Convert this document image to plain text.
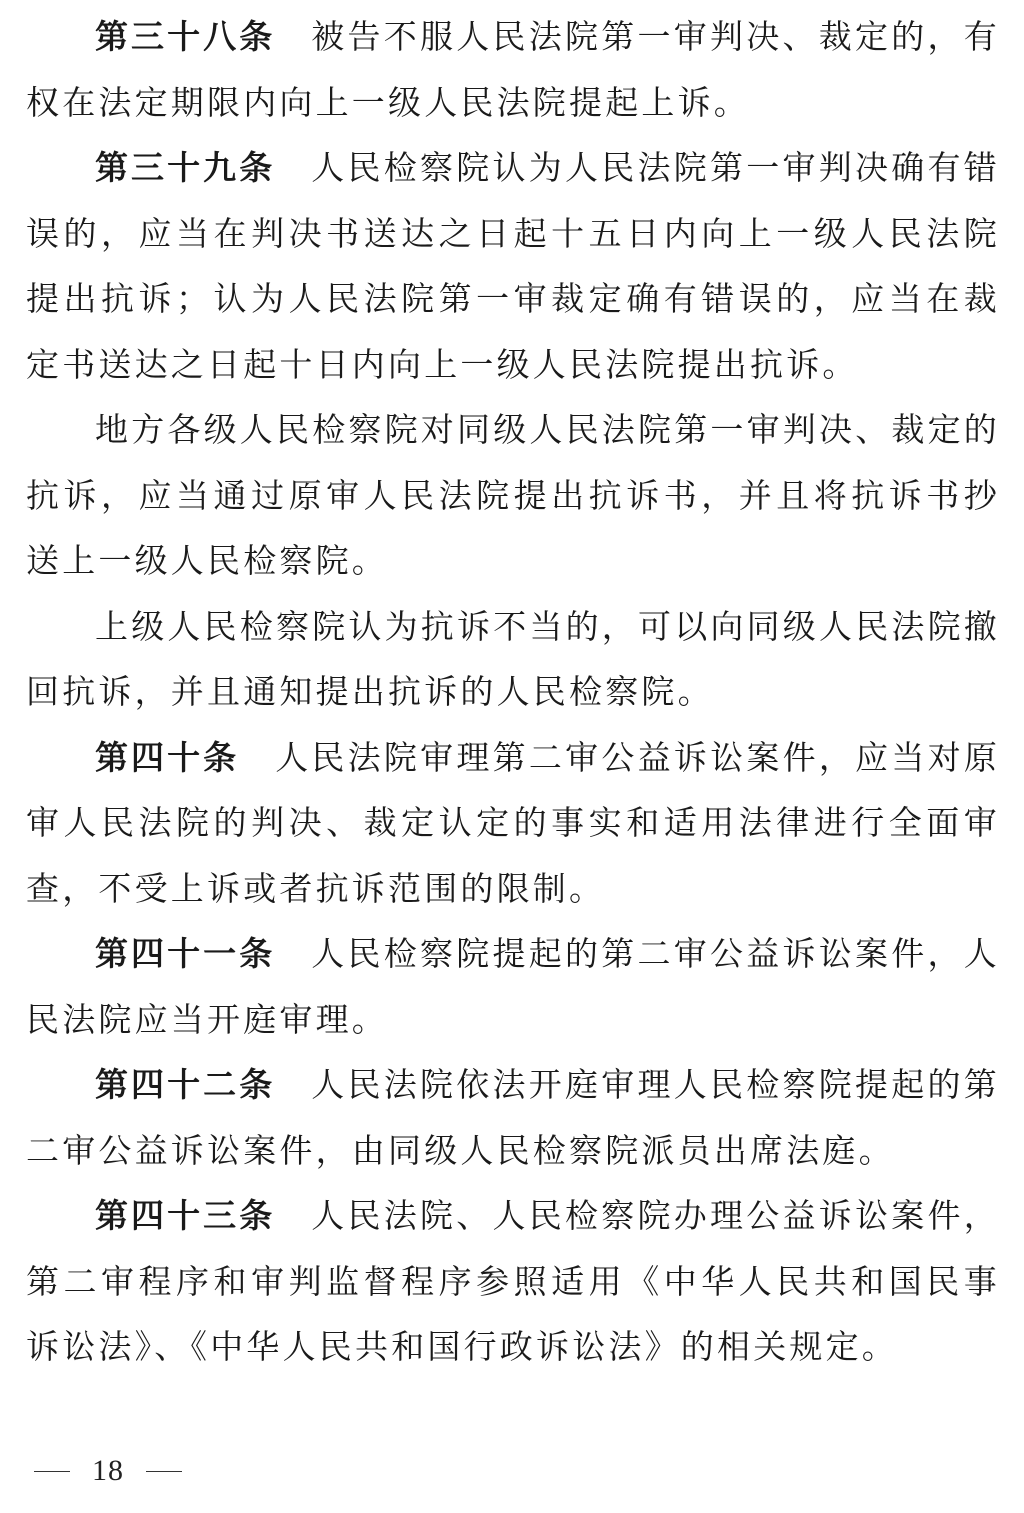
第三十八条 被告不服人民法院第一审判决、裁定的，有权在法定期限内向上一级人民法院提起上诉。

第三十九条 人民检察院认为人民法院第一审判决确有错误的，应当在判决书送达之日起十五日内向上一级人民法院提出抗诉；认为人民法院第一审裁定确有错误的，应当在裁定书送达之日起十日内向上一级人民法院提出抗诉。

地方各级人民检察院对同级人民法院第一审判决、裁定的抗诉，应当通过原审人民法院提出抗诉书，并且将抗诉书抄送上一级人民检察院。

上级人民检察院认为抗诉不当的，可以向同级人民法院撤回抗诉，并且通知提出抗诉的人民检察院。

第四十条 人民法院审理第二审公益诉讼案件，应当对原审人民法院的判决、裁定认定的事实和适用法律进行全面审查，不受上诉或者抗诉范围的限制。

第四十一条 人民检察院提起的第二审公益诉讼案件，人民法院应当开庭审理。

第四十二条 人民法院依法开庭审理人民检察院提起的第二审公益诉讼案件，由同级人民检察院派员出席法庭。

第四十三条 人民法院、人民检察院办理公益诉讼案件，第二审程序和审判监督程序参照适用《中华人民共和国民事诉讼法》、《中华人民共和国行政诉讼法》的相关规定。

18
